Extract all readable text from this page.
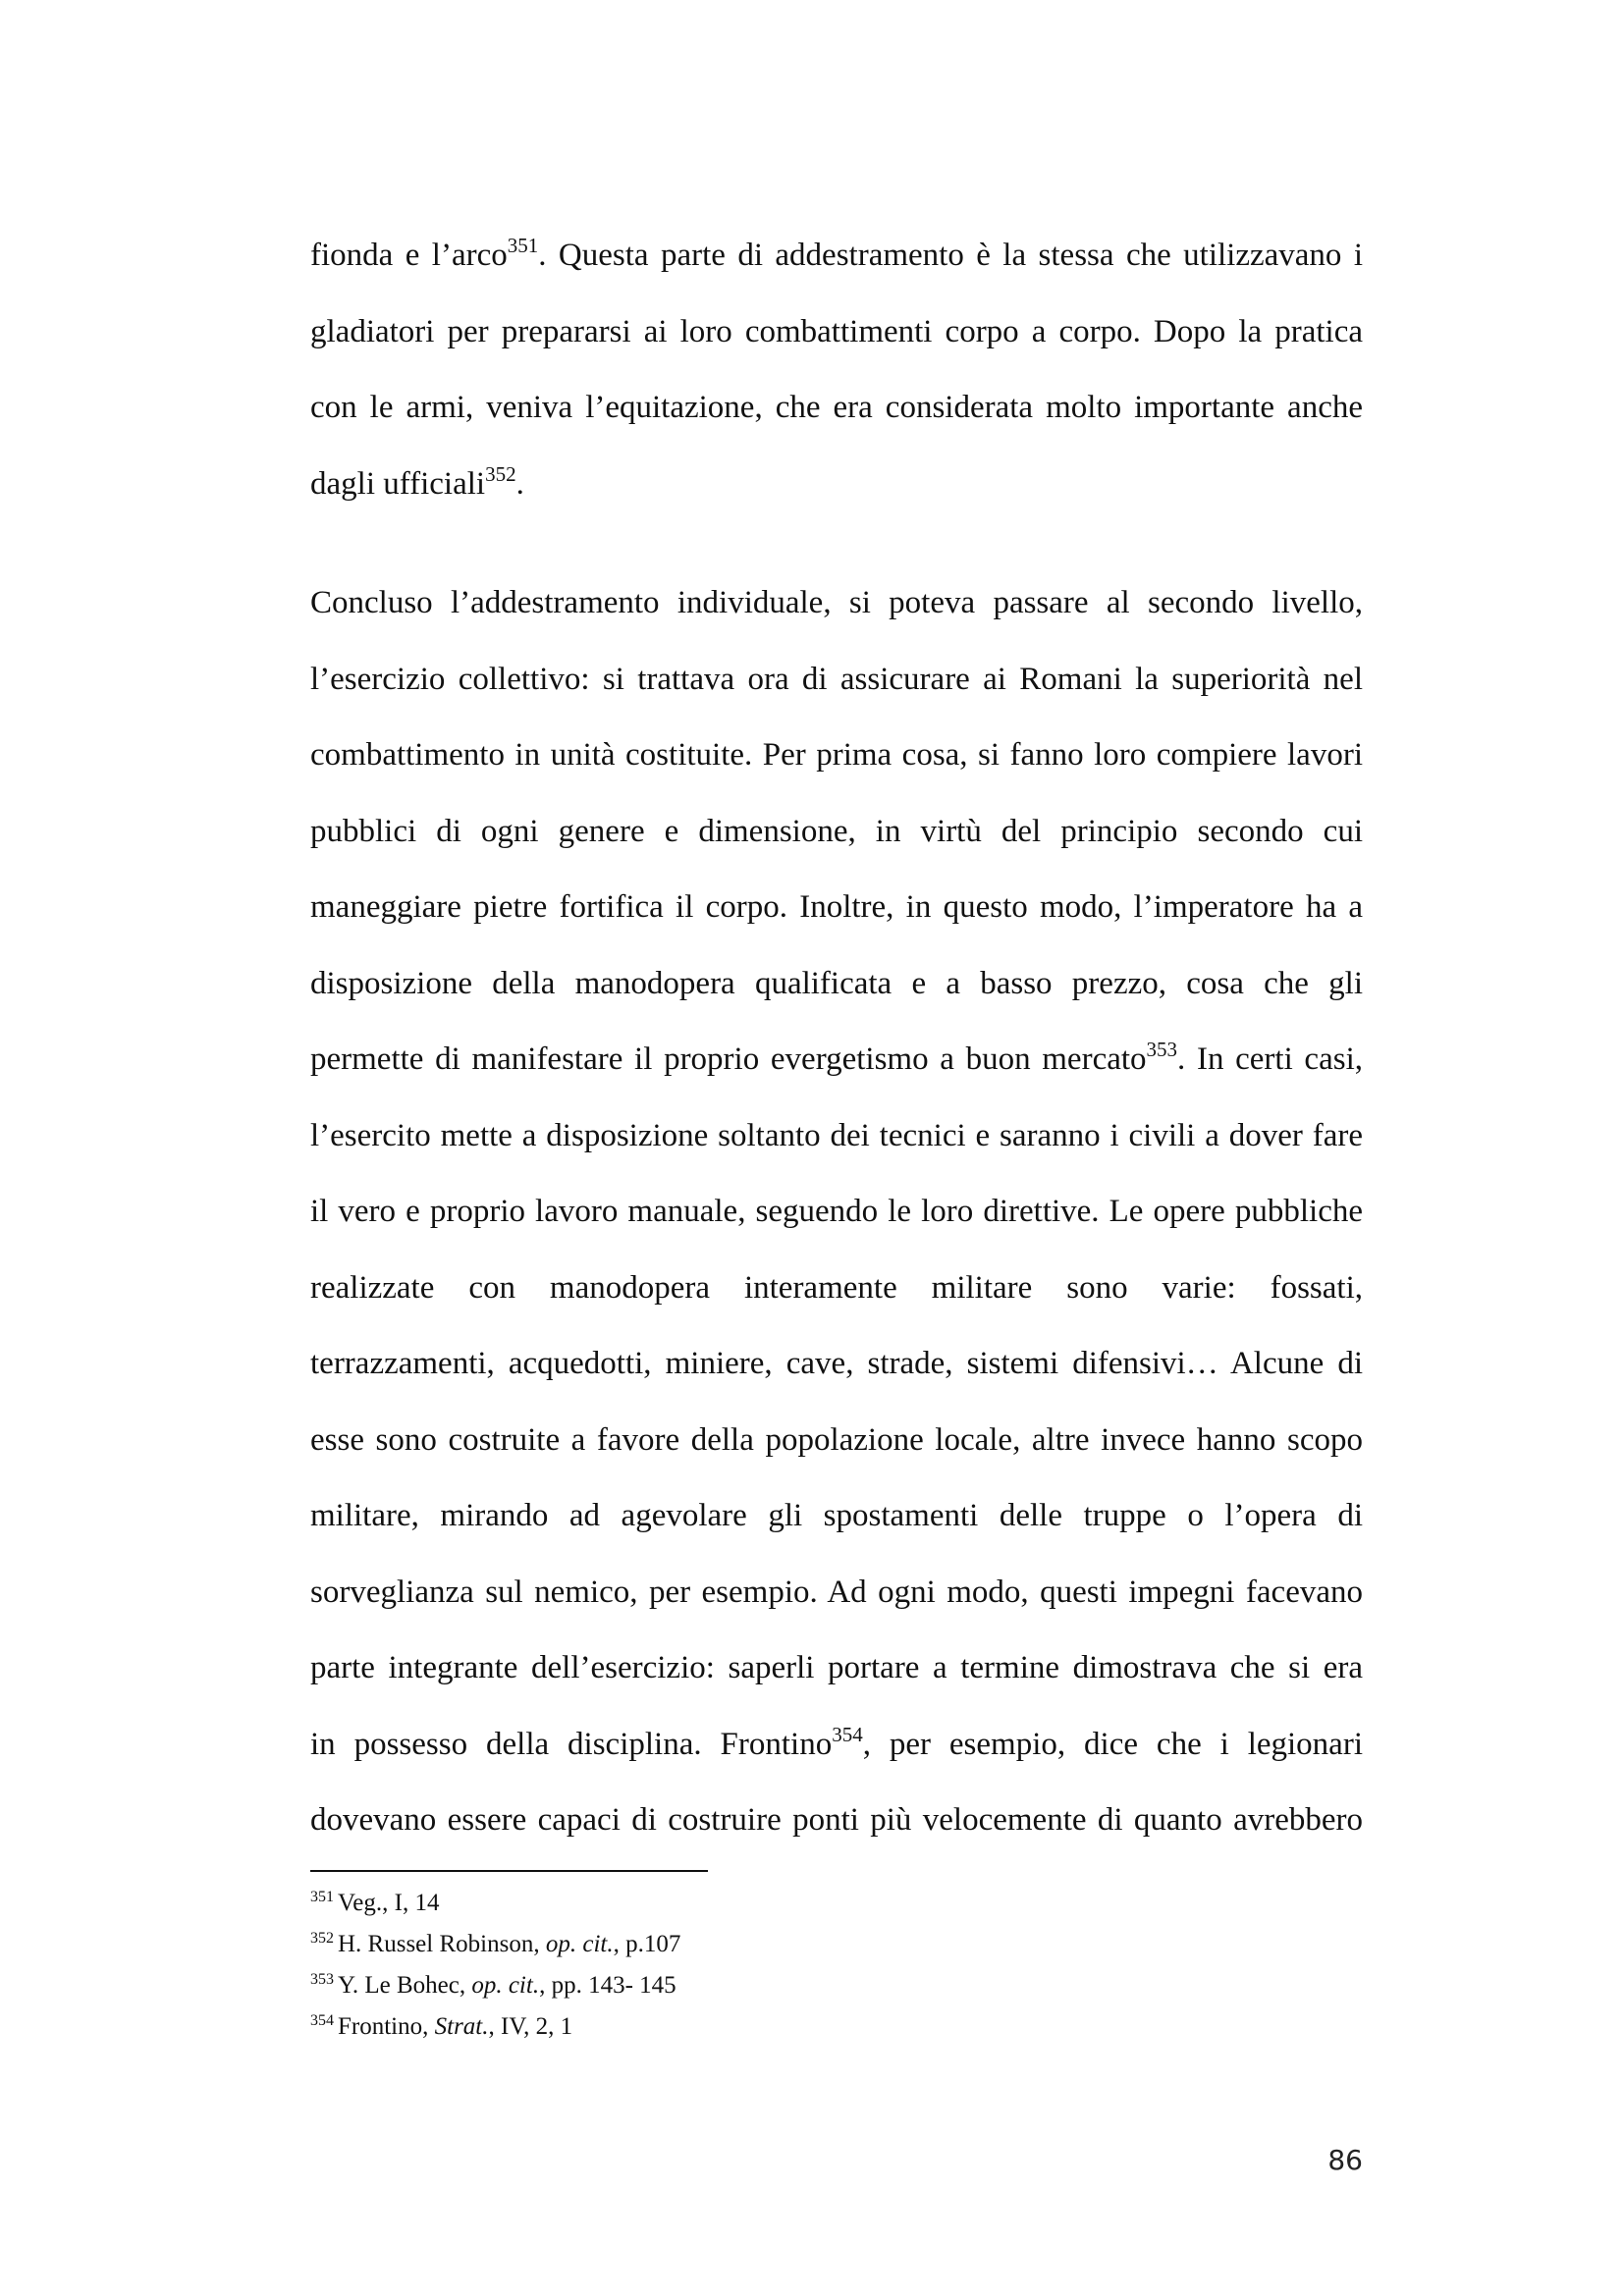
fionda e l’arco$^{351}$. Questa parte di addestramento è la stessa che utilizzavano i
gladiatori per prepararsi ai loro combattimenti corpo a corpo. Dopo la pratica
con le armi, veniva l’equitazione, che era considerata molto importante anche
dagli ufficiali$^{352}$.
Concluso l’addestramento individuale, si poteva passare al secondo livello,
l’esercizio collettivo: si trattava ora di assicurare ai Romani la superiorità nel
combattimento in unità costituite. Per prima cosa, si fanno loro compiere lavori
pubblici di ogni genere e dimensione, in virtù del principio secondo cui
maneggiare pietre fortifica il corpo. Inoltre, in questo modo, l’imperatore ha a
disposizione della manodopera qualificata e a basso prezzo, cosa che gli
permette di manifestare il proprio evergetismo a buon mercato$^{353}$. In certi casi,
l’esercito mette a disposizione soltanto dei tecnici e saranno i civili a dover fare
il vero e proprio lavoro manuale, seguendo le loro direttive. Le opere pubbliche
realizzate con manodopera interamente militare sono varie: fossati,
terrazzamenti, acquedotti, miniere, cave, strade, sistemi difensivi… Alcune di
esse sono costruite a favore della popolazione locale, altre invece hanno scopo
militare, mirando ad agevolare gli spostamenti delle truppe o l’opera di
sorveglianza sul nemico, per esempio. Ad ogni modo, questi impegni facevano
parte integrante dell’esercizio: saperli portare a termine dimostrava che si era
in possesso della disciplina. Frontino$^{354}$, per esempio, dice che i legionari
dovevano essere capaci di costruire ponti più velocemente di quanto avrebbero
$^{351}$ Veg., I, 14
$^{352}$ H. Russel Robinson, op. cit., p.107
$^{353}$ Y. Le Bohec, op. cit., pp. 143- 145
$^{354}$ Frontino, Strat., IV, 2, 1
86
